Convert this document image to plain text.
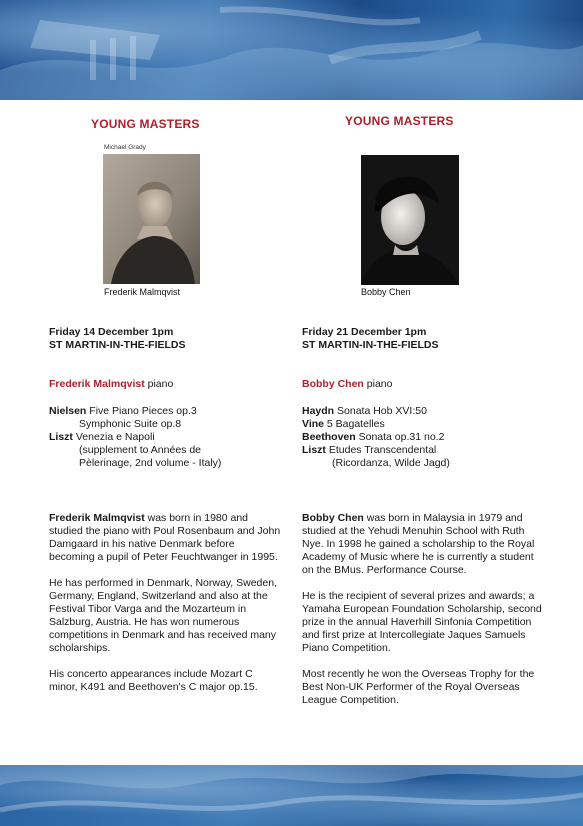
YOUNG MASTERS
Michael Grady
Frederik Malmqvist
Friday 14 December 1pm
ST MARTIN-IN-THE-FIELDS
Frederik Malmqvist piano
Nielsen Five Piano Pieces op.3
Symphonic Suite op.8
Liszt Venezia e Napoli
(supplement to Années de
Pèlerinage, 2nd volume - Italy)

Frederik Malmqvist was born in 1980 and studied the piano with Poul Rosenbaum and John Damgaard in his native Denmark before becoming a pupil of Peter Feuchtwanger in 1995.

He has performed in Denmark, Norway, Sweden, Germany, England, Switzerland and also at the Festival Tibor Varga and the Mozarteum in Salzburg, Austria. He has won numerous competitions in Denmark and has received many scholarships.

His concerto appearances include Mozart C minor, K491 and Beethoven's C major op.15.

YOUNG MASTERS
Bobby Chen
Friday 21 December 1pm
ST MARTIN-IN-THE-FIELDS
Bobby Chen piano
Haydn Sonata Hob XVI:50
Vine 5 Bagatelles
Beethoven Sonata op.31 no.2
Liszt Etudes Transcendental
(Ricordanza, Wilde Jagd)

Bobby Chen was born in Malaysia in 1979 and studied at the Yehudi Menuhin School with Ruth Nye. In 1998 he gained a scholarship to the Royal Academy of Music where he is currently a student on the BMus. Performance Course.

He is the recipient of several prizes and awards; a Yamaha European Foundation Scholarship, second prize in the annual Haverhill Sinfonia Competition and first prize at Intercollegiate Jaques Samuels Piano Competition.

Most recently he won the Overseas Trophy for the Best Non-UK Performer of the Royal Overseas League Competition.
